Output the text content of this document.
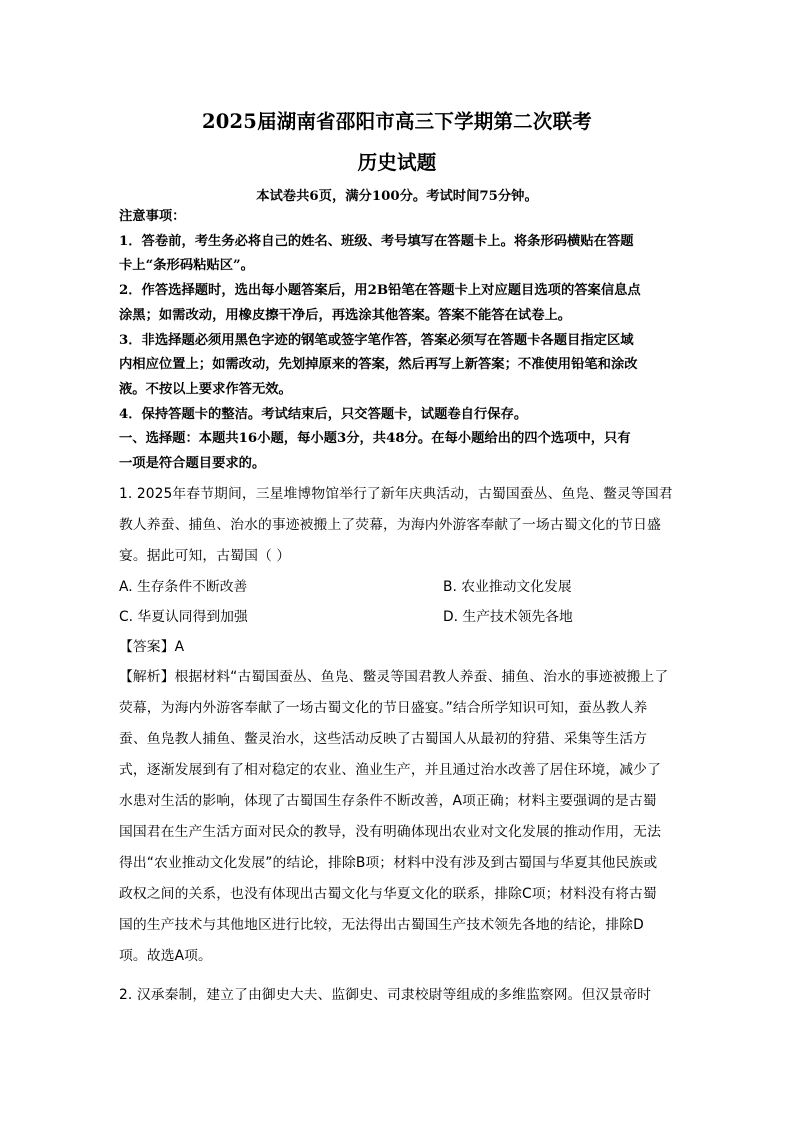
2025届湖南省邵阳市高三下学期第二次联考
历史试题
本试卷共6页，满分100分。考试时间75分钟。
注意事项：
1．答卷前，考生务必将自己的姓名、班级、考号填写在答题卡上。将条形码横贴在答题
卡上“条形码粘贴区”。
2．作答选择题时，选出每小题答案后，用2B铅笔在答题卡上对应题目选项的答案信息点
涂黑；如需改动，用橡皮擦干净后，再选涂其他答案。答案不能答在试卷上。
3．非选择题必须用黑色字迹的钢笔或签字笔作答，答案必须写在答题卡各题目指定区域
内相应位置上；如需改动，先划掉原来的答案，然后再写上新答案；不准使用铅笔和涂改
液。不按以上要求作答无效。
4．保持答题卡的整洁。考试结束后，只交答题卡，试题卷自行保存。
一、选择题：本题共16小题，每小题3分，共48分。在每小题给出的四个选项中，只有
一项是符合题目要求的。
1. 2025年春节期间，三星堆博物馆举行了新年庆典活动，古蜀国蚕丛、鱼凫、鳖灵等国君
教人养蚕、捕鱼、治水的事迹被搬上了荧幕，为海内外游客奉献了一场古蜀文化的节日盛
宴。据此可知，古蜀国（ ）
A. 生存条件不断改善	B. 农业推动文化发展
C. 华夏认同得到加强	D. 生产技术领先各地
【答案】A
【解析】根据材料“古蜀国蚕丛、鱼凫、鳖灵等国君教人养蚕、捕鱼、治水的事迹被搬上了
荧幕，为海内外游客奉献了一场古蜀文化的节日盛宴。”结合所学知识可知，蚕丛教人养
蚕、鱼凫教人捕鱼、鳖灵治水，这些活动反映了古蜀国人从最初的狩猎、采集等生活方
式，逐渐发展到有了相对稳定的农业、渔业生产，并且通过治水改善了居住环境，减少了
水患对生活的影响，体现了古蜀国生存条件不断改善，A项正确；材料主要强调的是古蜀
国国君在生产生活方面对民众的教导，没有明确体现出农业对文化发展的推动作用，无法
得出“农业推动文化发展”的结论，排除B项；材料中没有涉及到古蜀国与华夏其他民族或
政权之间的关系，也没有体现出古蜀文化与华夏文化的联系，排除C项；材料没有将古蜀
国的生产技术与其他地区进行比较，无法得出古蜀国生产技术领先各地的结论，排除D
项。故选A项。
2. 汉承秦制，建立了由御史大夫、监御史、司隶校尉等组成的多维监察网。但汉景帝时
